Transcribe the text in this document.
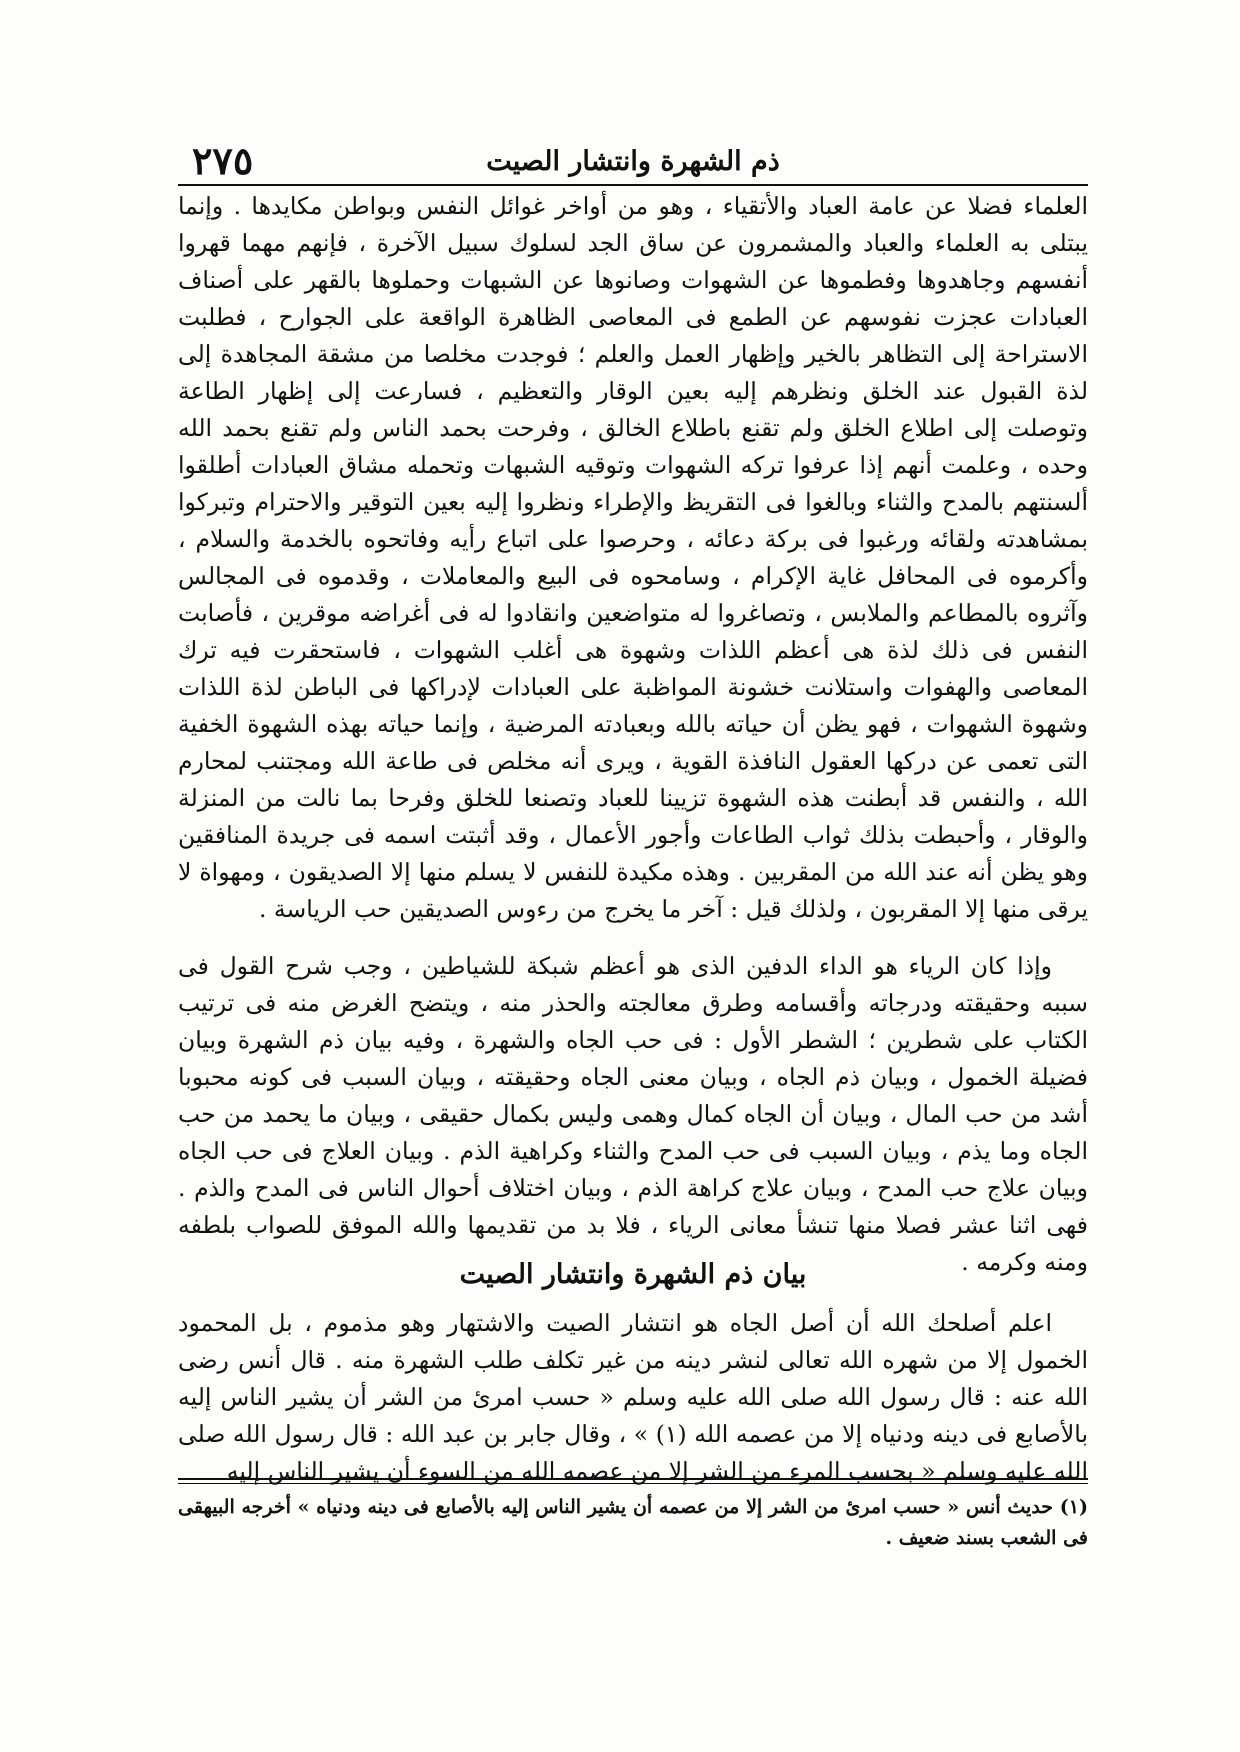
٢٧٥	ذم الشهرة وانتشار الصيت

العلماء فضلا عن عامة العباد والأتقياء ، وهو من أواخر غوائل النفس وبواطن مكايدها . وإنما يبتلى به العلماء والعباد والمشمرون عن ساق الجد لسلوك سبيل الآخرة ، فإنهم مهما قهروا أنفسهم وجاهدوها وفطموها عن الشهوات وصانوها عن الشبهات وحملوها بالقهر على أصناف العبادات عجزت نفوسهم عن الطمع فى المعاصى الظاهرة الواقعة على الجوارح ، فطلبت الاستراحة إلى التظاهر بالخير وإظهار العمل والعلم ؛ فوجدت مخلصا من مشقة المجاهدة إلى لذة القبول عند الخلق ونظرهم إليه بعين الوقار والتعظيم ، فسارعت إلى إظهار الطاعة وتوصلت إلى اطلاع الخلق ولم تقنع باطلاع الخالق ، وفرحت بحمد الناس ولم تقنع بحمد الله وحده ، وعلمت أنهم إذا عرفوا تركه الشهوات وتوقيه الشبهات وتحمله مشاق العبادات أطلقوا ألسنتهم بالمدح والثناء وبالغوا فى التقريظ والإطراء ونظروا إليه بعين التوقير والاحترام وتبركوا بمشاهدته ولقائه ورغبوا فى بركة دعائه ، وحرصوا على اتباع رأيه وفاتحوه بالخدمة والسلام ، وأكرموه فى المحافل غاية الإكرام ، وسامحوه فى البيع والمعاملات ، وقدموه فى المجالس وآثروه بالمطاعم والملابس ، وتصاغروا له متواضعين وانقادوا له فى أغراضه موقرين ، فأصابت النفس فى ذلك لذة هى أعظم اللذات وشهوة هى أغلب الشهوات ، فاستحقرت فيه ترك المعاصى والهفوات واستلانت خشونة المواظبة على العبادات لإدراكها فى الباطن لذة اللذات وشهوة الشهوات ، فهو يظن أن حياته بالله وبعبادته المرضية ، وإنما حياته بهذه الشهوة الخفية التى تعمى عن دركها العقول النافذة القوية ، ويرى أنه مخلص فى طاعة الله ومجتنب لمحارم الله ، والنفس قد أبطنت هذه الشهوة تزيينا للعباد وتصنعا للخلق وفرحا بما نالت من المنزلة والوقار ، وأحبطت بذلك ثواب الطاعات وأجور الأعمال ، وقد أثبتت اسمه فى جريدة المنافقين وهو يظن أنه عند الله من المقربين . وهذه مكيدة للنفس لا يسلم منها إلا الصديقون ، ومهواة لا يرقى منها إلا المقربون ، ولذلك قيل : آخر ما يخرج من رءوس الصديقين حب الرياسة .

وإذا كان الرياء هو الداء الدفين الذى هو أعظم شبكة للشياطين ، وجب شرح القول فى سببه وحقيقته ودرجاته وأقسامه وطرق معالجته والحذر منه ، ويتضح الغرض منه فى ترتيب الكتاب على شطرين ؛ الشطر الأول : فى حب الجاه والشهرة ، وفيه بيان ذم الشهرة وبيان فضيلة الخمول ، وبيان ذم الجاه ، وبيان معنى الجاه وحقيقته ، وبيان السبب فى كونه محبوبا أشد من حب المال ، وبيان أن الجاه كمال وهمى وليس بكمال حقيقى ، وبيان ما يحمد من حب الجاه وما يذم ، وبيان السبب فى حب المدح والثناء وكراهية الذم . وبيان العلاج فى حب الجاه وبيان علاج حب المدح ، وبيان علاج كراهة الذم ، وبيان اختلاف أحوال الناس فى المدح والذم . فهى اثنا عشر فصلا منها تنشأ معانى الرياء ، فلا بد من تقديمها والله الموفق للصواب بلطفه ومنه وكرمه .

بيان ذم الشهرة وانتشار الصيت

اعلم أصلحك الله أن أصل الجاه هو انتشار الصيت والاشتهار وهو مذموم ، بل المحمود الخمول إلا من شهره الله تعالى لنشر دينه من غير تكلف طلب الشهرة منه . قال أنس رضى الله عنه : قال رسول الله صلى الله عليه وسلم « حسب امرئ من الشر أن يشير الناس إليه بالأصابع فى دينه ودنياه إلا من عصمه الله (١) » ، وقال جابر بن عبد الله : قال رسول الله صلى الله عليه وسلم « بحسب المرء من الشر إلا من عصمه الله من السوء أن يشير الناس إليه

(١) حديث أنس « حسب امرئ من الشر إلا من عصمه أن يشير الناس إليه بالأصابع فى دينه ودنياه » أخرجه البيهقى فى الشعب بسند ضعيف .
